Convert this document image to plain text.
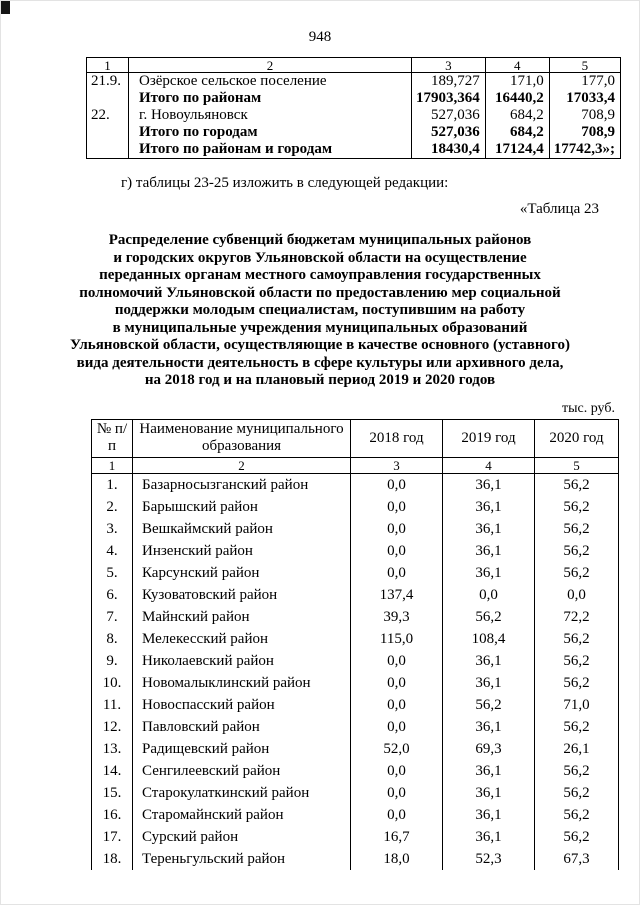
948
1	2	3	4	5
21.9.	Озёрское сельское поселение	189,727	171,0	177,0
	Итого по районам	17903,364	16440,2	17033,4
22.	г. Новоульяновск	527,036	684,2	708,9
	Итого по городам	527,036	684,2	708,9
	Итого по районам и городам	18430,4	17124,4	17742,3»;
г) таблицы 23-25 изложить в следующей редакции:
«Таблица 23
Распределение субвенций бюджетам муниципальных районов
и городских округов Ульяновской области на осуществление
переданных органам местного самоуправления государственных
полномочий Ульяновской области по предоставлению мер социальной
поддержки молодым специалистам, поступившим на работу
в муниципальные учреждения муниципальных образований
Ульяновской области, осуществляющие в качестве основного (уставного)
вида деятельности деятельность в сфере культуры или архивного дела,
на 2018 год и на плановый период 2019 и 2020 годов
тыс. руб.
№ п/п	Наименование муниципального образования	2018 год	2019 год	2020 год
1	2	3	4	5
1.	Базарносызганский район	0,0	36,1	56,2
2.	Барышский район	0,0	36,1	56,2
3.	Вешкаймский район	0,0	36,1	56,2
4.	Инзенский район	0,0	36,1	56,2
5.	Карсунский район	0,0	36,1	56,2
6.	Кузоватовский район	137,4	0,0	0,0
7.	Майнский район	39,3	56,2	72,2
8.	Мелекесский район	115,0	108,4	56,2
9.	Николаевский район	0,0	36,1	56,2
10.	Новомалыклинский район	0,0	36,1	56,2
11.	Новоспасский район	0,0	56,2	71,0
12.	Павловский район	0,0	36,1	56,2
13.	Радищевский район	52,0	69,3	26,1
14.	Сенгилеевский район	0,0	36,1	56,2
15.	Старокулаткинский район	0,0	36,1	56,2
16.	Старомайнский район	0,0	36,1	56,2
17.	Сурский район	16,7	36,1	56,2
18.	Тереньгульский район	18,0	52,3	67,3
